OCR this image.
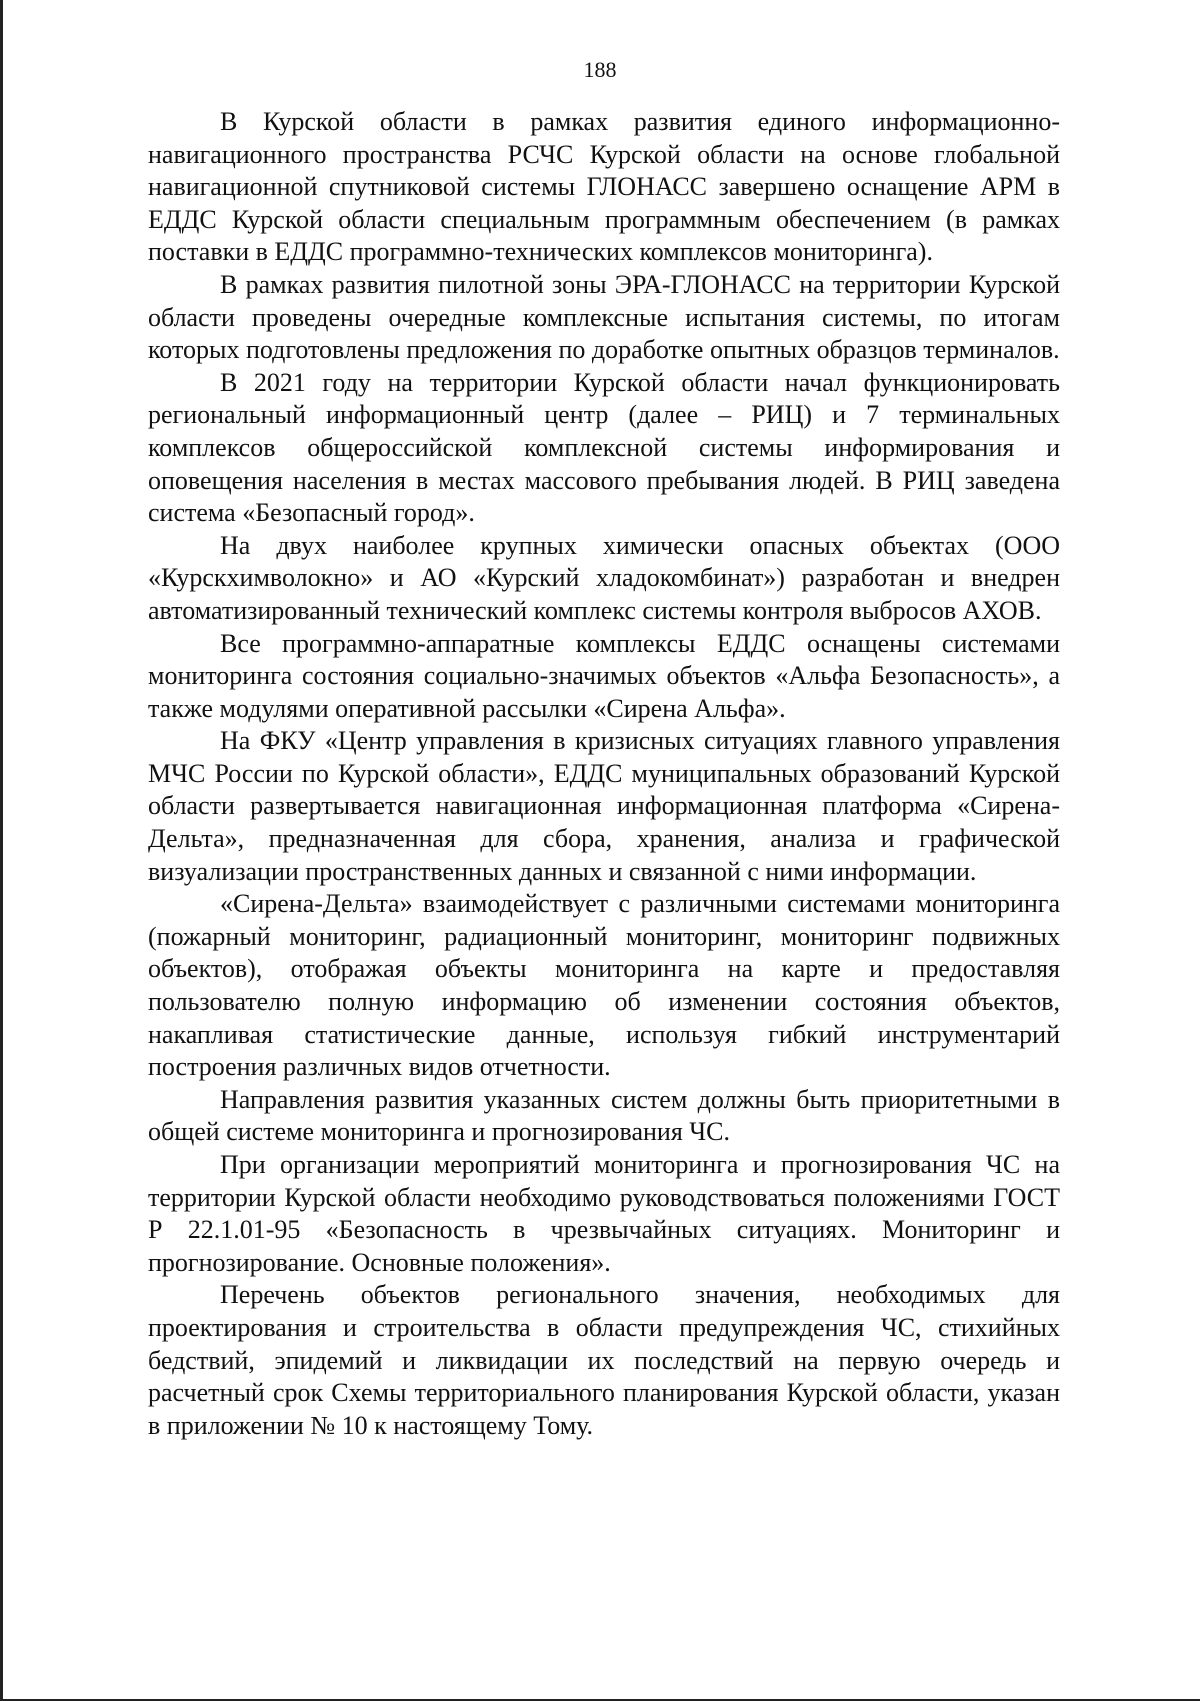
188

В Курской области в рамках развития единого информационно-навигационного пространства РСЧС Курской области на основе глобальной навигационной спутниковой системы ГЛОНАСС завершено оснащение АРМ в ЕДДС Курской области специальным программным обеспечением (в рамках поставки в ЕДДС программно-технических комплексов мониторинга).

В рамках развития пилотной зоны ЭРА-ГЛОНАСС на территории Курской области проведены очередные комплексные испытания системы, по итогам которых подготовлены предложения по доработке опытных образцов терминалов.

В 2021 году на территории Курской области начал функционировать региональный информационный центр (далее – РИЦ) и 7 терминальных комплексов общероссийской комплексной системы информирования и оповещения населения в местах массового пребывания людей. В РИЦ заведена система «Безопасный город».

На двух наиболее крупных химически опасных объектах (ООО «Курскхимволокно» и АО «Курский хладокомбинат») разработан и внедрен автоматизированный технический комплекс системы контроля выбросов АХОВ.

Все программно-аппаратные комплексы ЕДДС оснащены системами мониторинга состояния социально-значимых объектов «Альфа Безопасность», а также модулями оперативной рассылки «Сирена Альфа».

На ФКУ «Центр управления в кризисных ситуациях главного управления МЧС России по Курской области», ЕДДС муниципальных образований Курской области развертывается навигационная информационная платформа «Сирена-Дельта», предназначенная для сбора, хранения, анализа и графической визуализации пространственных данных и связанной с ними информации.

«Сирена-Дельта» взаимодействует с различными системами мониторинга (пожарный мониторинг, радиационный мониторинг, мониторинг подвижных объектов), отображая объекты мониторинга на карте и предоставляя пользователю полную информацию об изменении состояния объектов, накапливая статистические данные, используя гибкий инструментарий построения различных видов отчетности.

Направления развития указанных систем должны быть приоритетными в общей системе мониторинга и прогнозирования ЧС.

При организации мероприятий мониторинга и прогнозирования ЧС на территории Курской области необходимо руководствоваться положениями ГОСТ Р 22.1.01-95 «Безопасность в чрезвычайных ситуациях. Мониторинг и прогнозирование. Основные положения».

Перечень объектов регионального значения, необходимых для проектирования и строительства в области предупреждения ЧС, стихийных бедствий, эпидемий и ликвидации их последствий на первую очередь и расчетный срок Схемы территориального планирования Курской области, указан в приложении № 10 к настоящему Тому.
